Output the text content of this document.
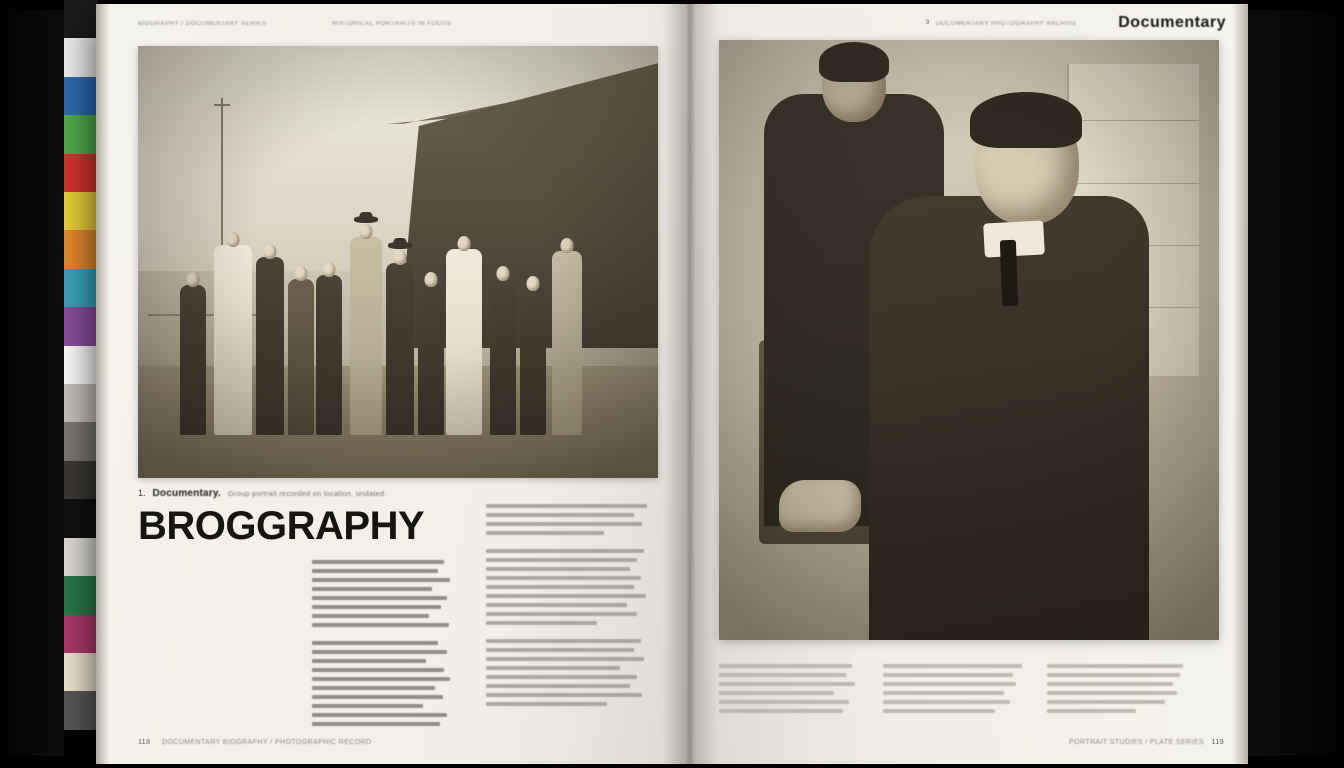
BIOGRAPHY / DOCUMENTARY SERIES	HISTORICAL PORTRAITS IN FOCUS
1. Documentary. Group portrait recorded on location, undated.
BROGGRAPHY
118 DOCUMENTARY BIOGRAPHY / PHOTOGRAPHIC RECORD
9 DOCUMENTARY PHOTOGRAPHY ARCHIVE	Documentary
119
PORTRAIT STUDIES / PLATE SERIES
